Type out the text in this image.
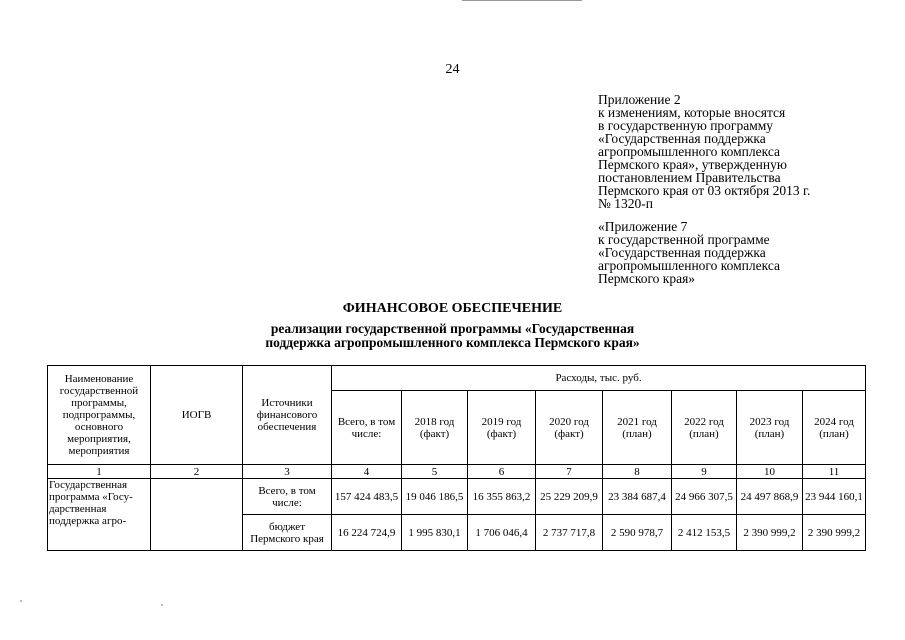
24
Приложение 2
к изменениям, которые вносятся
в государственную программу
«Государственная поддержка
агропромышленного комплекса
Пермского края», утвержденную
постановлением Правительства
Пермского края от 03 октября 2013 г.
№ 1320-п
«Приложение 7
к государственной программе
«Государственная поддержка
агропромышленного комплекса
Пермского края»
ФИНАНСОВОЕ ОБЕСПЕЧЕНИЕ
реализации государственной программы «Государственная
поддержка агропромышленного комплекса Пермского края»
Наименование государственной программы, подпрограммы, основного мероприятия, мероприятия	ИОГВ	Источники финансового обеспечения	Расходы, тыс. руб.							
			Всего, в том числе:	2018 год (факт)	2019 год (факт)	2020 год (факт)	2021 год (план)	2022 год (план)	2023 год (план)	2024 год (план)
1	2	3	4	5	6	7	8	9	10	11
Государственная программа «Госу-дарственная поддержка агро-		Всего, в том числе:	157 424 483,5	19 046 186,5	16 355 863,2	25 229 209,9	23 384 687,4	24 966 307,5	24 497 868,9	23 944 160,1
		бюджет Пермского края	16 224 724,9	1 995 830,1	1 706 046,4	2 737 717,8	2 590 978,7	2 412 153,5	2 390 999,2	2 390 999,2
